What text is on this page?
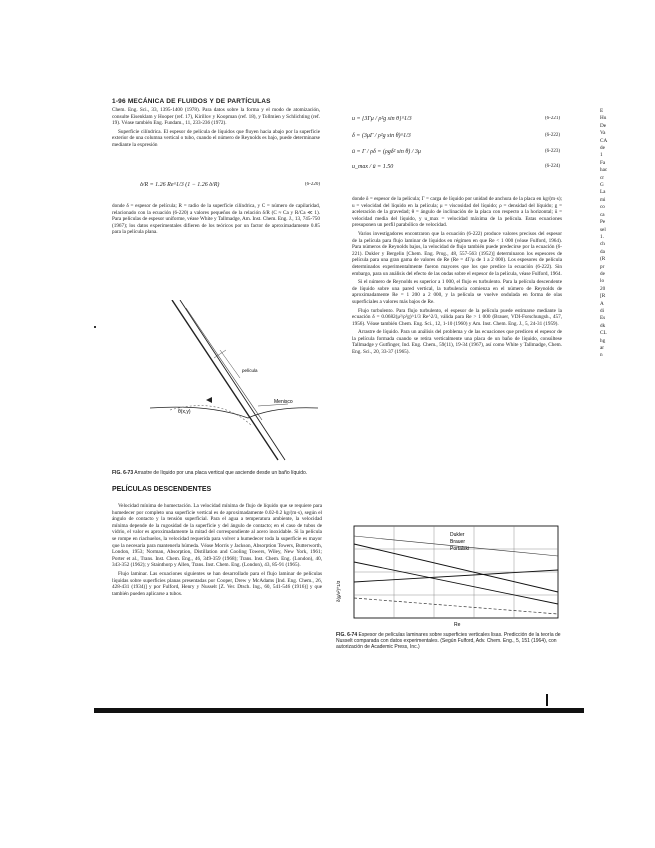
1-96 MECÁNICA DE FLUIDOS Y DE PARTÍCULAS

Chem. Eng. Sci., 33, 1395-1400 (1978). Para datos sobre la forma y el modo de atomización, consulte Eisenklam y Hooper (ref. 17), Kirillov y Koopman (ref. 18), y Tollmien y Schlichting (ref. 19). Véase también Eng. Fundam., 11, 233-236 (1972).

Superficie cilíndrica. El espesor de película de líquidos que fluyen hacia abajo por la superficie exterior de una columna vertical o tubo, cuando el número de Reynolds es bajo, puede determinarse mediante la expresión

δ/R = 1.26 Re^1/3 (1 − 1.26 δ/R)	(6-220)

donde δ = espesor de película; R = radio de la superficie cilíndrica, y C = número de capilaridad, relacionado con la ecuación (6-220) a valores pequeños de la relación δ/R (C ≈ Ca y R/Ca ≪ 1). Para películas de espesor uniforme, véase White y Tallmadge, Am. Inst. Chem. Eng. J., 13, 745-750 (1967); los datos experimentales difieren de los teóricos por un factor de aproximadamente 0.85 para la película plana.

θ(x,y)
Menisco
película
FIG. 6-73 Arrastre de líquido por una placa vertical que asciende desde un baño líquido.
PELÍCULAS DESCENDENTES

Velocidad mínima de humectación. La velocidad mínima de flujo de líquido que se requiere para humedecer por completo una superficie vertical es de aproximadamente 0.02-0.2 kg/(m·s), según el ángulo de contacto y la tensión superficial. Para el agua a temperatura ambiente, la velocidad mínima depende de la rugosidad de la superficie y del ángulo de contacto; en el caso de tubos de vidrio, el valor es aproximadamente la mitad del correspondiente al acero inoxidable. Si la película se rompe en riachuelos, la velocidad requerida para volver a humedecer toda la superficie es mayor que la necesaria para mantenerla húmeda. Véase Morris y Jackson, Absorption Towers, Butterworth, London, 1953; Norman, Absorption, Distillation and Cooling Towers, Wiley, New York, 1961; Porter et al., Trans. Inst. Chem. Eng., 46, 349-359 (1968); Trans. Inst. Chem. Eng. (London), 40, 343-352 (1962); y Stainthorp y Allen, Trans. Inst. Chem. Eng. (London), 43, 85-91 (1965).

Flujo laminar. Las ecuaciones siguientes se han desarrollado para el flujo laminar de películas líquidas sobre superficies planas presentadas por Cooper, Drew y McAdams [Ind. Eng. Chem., 26, 428-431 (1934)] y por Fulford, Henry y Nusselt [Z. Ver. Dtsch. Ing., 60, 541-546 (1916)] y que también pueden aplicarse a tubos.

u = [3Γμ / ρ²g sin θ]^1/3	(6-221)
δ = (3μΓ / ρ²g sin θ)^1/3	(6-222)
ū = Γ / ρδ = (ρgδ² sin θ) / 3μ	(6-223)
u_max / ū = 1.50	(6-224)

donde δ = espesor de la película; Γ = carga de líquido por unidad de anchura de la placa en kg/(m·s); u = velocidad del líquido en la película; μ = viscosidad del líquido; ρ = densidad del líquido; g = aceleración de la gravedad; θ = ángulo de inclinación de la placa con respecto a la horizontal; ū = velocidad media del líquido, y u_max = velocidad máxima de la película. Estas ecuaciones presuponen un perfil parabólico de velocidad.

Varios investigadores encontraron que la ecuación (6-222) produce valores precisos del espesor de la película para flujo laminar de líquidos en régimen en que Re < 1 000 (véase Fulford, 1964). Para números de Reynolds bajos, la velocidad de flujo también puede predecirse por la ecuación (6-221). Dukler y Bergelin [Chem. Eng. Prog., 48, 557-563 (1952)] determinaron los espesores de película para una gran gama de valores de Re (Re = 4Γ/μ de 1 a 2 000). Los espesores de película determinados experimentalmente fueron mayores que los que predice la ecuación (6-222). Sin embargo, para un análisis del efecto de las ondas sobre el espesor de la película, véase Fulford, 1964.

Si el número de Reynolds es superior a 1 000, el flujo es turbulento. Para la película descendente de líquido sobre una pared vertical, la turbulencia comienza en el número de Reynolds de aproximadamente Re = 1 200 a 2 000, y la película se vuelve ondulada en forma de olas superficiales a valores más bajos de Re.

Flujo turbulento. Para flujo turbulento, el espesor de la película puede estimarse mediante la ecuación δ = 0.0682(μ²/ρ²g)^1/3 Re^2/3, válida para Re > 1 000 (Brauer, VDI-Forschungsh., 457, 1956). Véase también Chem. Eng. Sci., 12, 1-10 (1960) y Am. Inst. Chem. Eng. J., 5, 24-31 (1959).

Arrastre de líquido. Para un análisis del problema y de las ecuaciones que predicen el espesor de la película formada cuando se retira verticalmente una placa de un baño de líquido, consúltese Tallmadge y Gutfinger, Ind. Eng. Chem., 59(11), 19-34 (1967), así como White y Tallmadge, Chem. Eng. Sci., 20, 33-37 (1965).

Dukler
Brauer
Portalski
δ(g/ν²)^1/3
Re
FIG. 6-74 Espesor de películas laminares sobre superficies verticales lisas. Predicción de la teoría de Nusselt comparada con datos experimentales. (Según Fulford, Adv. Chem. Eng., 5, 151 (1964), con autorización de Academic Press, Inc.)
E
Hu
De
Va
CA
de
1
Fa
hac
cr
G
La
mi
co
ca
Pe
sel
1.
ch
da
(R
pr
de
lo
20
[R
A
di
Es
dk
CL
hg
ar
n
